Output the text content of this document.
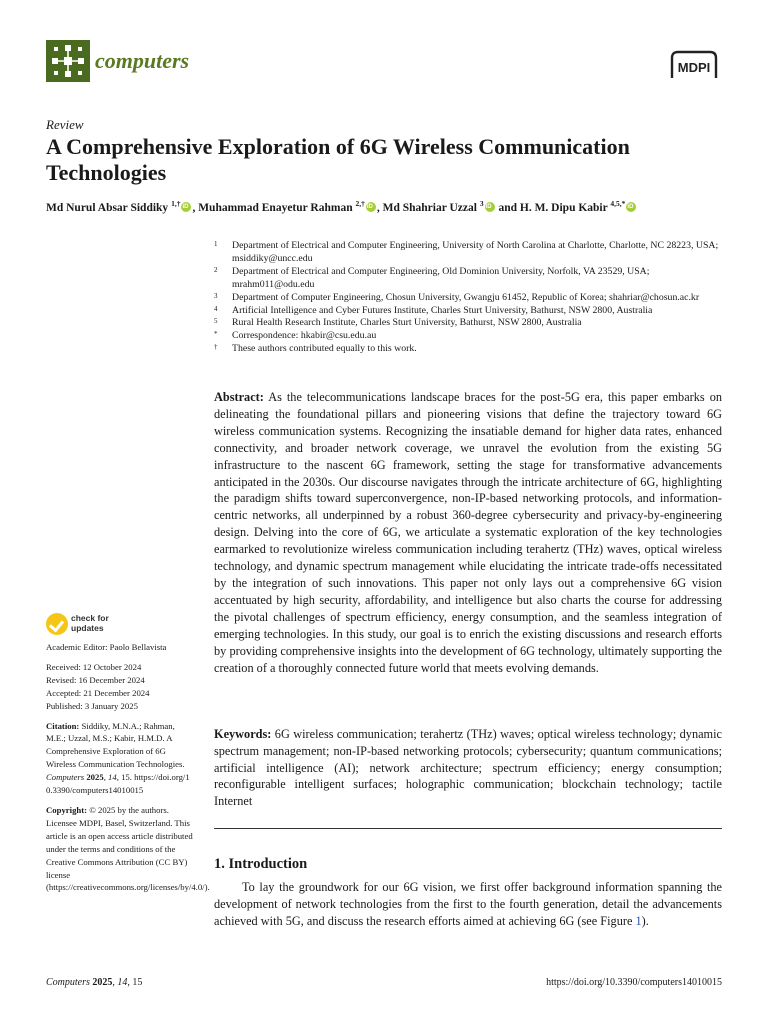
computers	MDPI
Review
A Comprehensive Exploration of 6G Wireless Communication Technologies
Md Nurul Absar Siddiky $^{1,\dagger}$ iD , Muhammad Enayetur Rahman $^{2,\dagger}$ iD , Md Shahriar Uzzal $^3$iD and H. M. Dipu Kabir $^{4,5,*}$iD
1 Department of Electrical and Computer Engineering, University of North Carolina at Charlotte, Charlotte, NC 28223, USA; msiddiky@uncc.edu
2 Department of Electrical and Computer Engineering, Old Dominion University, Norfolk, VA 23529, USA; mrahm011@odu.edu
3 Department of Computer Engineering, Chosun University, Gwangju 61452, Republic of Korea; shahriar@chosun.ac.kr
4 Artificial Intelligence and Cyber Futures Institute, Charles Sturt University, Bathurst, NSW 2800, Australia
5 Rural Health Research Institute, Charles Sturt University, Bathurst, NSW 2800, Australia
* Correspondence: hkabir@csu.edu.au
† These authors contributed equally to this work.
Abstract: As the telecommunications landscape braces for the post-5G era, this paper embarks on delineating the foundational pillars and pioneering visions that define the trajectory toward 6G wireless communication systems. Recognizing the insatiable demand for higher data rates, enhanced connectivity, and broader network coverage, we unravel the evolution from the existing 5G infrastructure to the nascent 6G framework, setting the stage for transformative advancements anticipated in the 2030s. Our discourse navigates through the intricate architecture of 6G, highlighting the paradigm shifts toward superconvergence, non-IP-based networking protocols, and information-centric networks, all underpinned by a robust 360-degree cybersecurity and privacy-by-engineering design. Delving into the core of 6G, we articulate a systematic exploration of the key technologies earmarked to revolutionize wireless communication including terahertz (THz) waves, optical wireless technology, and dynamic spectrum management while elucidating the intricate trade-offs necessitated by the integration of such innovations. This paper not only lays out a comprehensive 6G vision accentuated by high security, affordability, and intelligence but also charts the course for addressing the pivotal challenges of spectrum efficiency, energy consumption, and the seamless integration of emerging technologies. In this study, our goal is to enrich the existing discussions and research efforts by providing comprehensive insights into the development of 6G technology, ultimately supporting the creation of a thoroughly connected future world that meets evolving demands.
Keywords: 6G wireless communication; terahertz (THz) waves; optical wireless technology; dynamic spectrum management; non-IP-based networking protocols; cybersecurity; quantum communications; artificial intelligence (AI); network architecture; spectrum efficiency; energy consumption; reconfigurable intelligent surfaces; holographic communication; blockchain technology; tactile Internet
1. Introduction
To lay the groundwork for our 6G vision, we first offer background information spanning the development of network technologies from the first to the fourth generation, detail the advancements achieved with 5G, and discuss the research efforts aimed at achieving 6G (see Figure 1).
check for
updates
Academic Editor: Paolo Bellavista
Received: 12 October 2024
Revised: 16 December 2024
Accepted: 21 December 2024
Published: 3 January 2025
Citation: Siddiky, M.N.A.; Rahman, M.E.; Uzzal, M.S.; Kabir, H.M.D. A Comprehensive Exploration of 6G Wireless Communication Technologies. Computers 2025, 14, 15. https://doi.org/10.3390/computers14010015
Copyright: © 2025 by the authors. Licensee MDPI, Basel, Switzerland. This article is an open access article distributed under the terms and conditions of the Creative Commons Attribution (CC BY) license (https://creativecommons.org/licenses/by/4.0/).
Computers 2025, 14, 15	https://doi.org/10.3390/computers14010015
